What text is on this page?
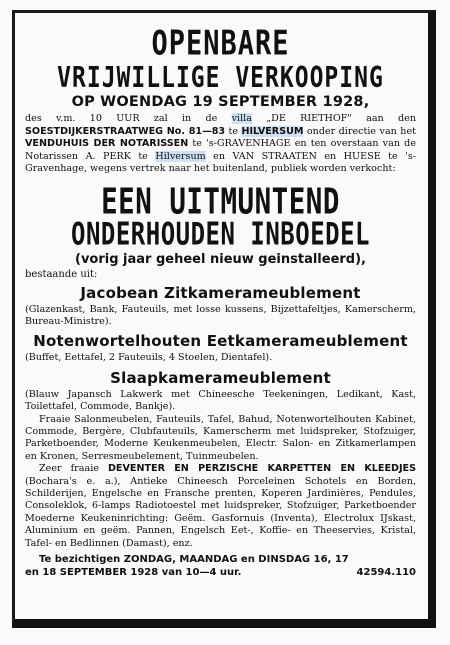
OPENBARE
VRIJWILLIGE VERKOOPING
OP WOENDAG 19 SEPTEMBER 1928,

des v.m. 10 UUR zal in de villa „DE RIETHOF" aan den SOESTDIJKERSTRAATWEG No. 81—83 te HILVERSUM onder directie van het VENDUHUIS DER NOTARISSEN te 's-GRAVENHAGE en ten overstaan van de Notarissen A. PERK te Hilversum en VAN STRAATEN en HUESE te 's-Gravenhage, wegens vertrek naar het buitenland, publiek worden verkocht:

EEN UITMUNTEND
ONDERHOUDEN INBOEDEL
(vorig jaar geheel nieuw geinstalleerd),

bestaande uit:

Jacobean Zitkamerameublement

(Glazenkast, Bank, Fauteuils, met losse kussens, Bijzettafeltjes, Kamerscherm, Bureau-Ministre).

Notenwortelhouten Eetkamerameublement

(Buffet, Eettafel, 2 Fauteuils, 4 Stoelen, Dientafel).

Slaapkamerameublement

(Blauw Japansch Lakwerk met Chineesche Teekeningen, Ledikant, Kast, Toilettafel, Commode, Bankje).

Fraaie Salonmeubelen, Fauteuils, Tafel, Bahud, Notenwortelhouten Kabinet, Commode, Bergère, Clubfauteuils, Kamerscherm met luidspreker, Stofzuiger, Parketboender, Moderne Keukenmeubelen, Electr. Salon- en Zitkamerlampen en Kronen, Serresmeubelement, Tuinmeubelen.

Zeer fraaie DEVENTER EN PERZISCHE KARPETTEN EN KLEEDJES (Bochara's e. a.), Antieke Chineesch Porceleinen Schotels en Borden, Schilderijen, Engelsche en Fransche prenten, Koperen Jardinières, Pendules, Consoleklok, 6-lamps Radiotoestel met luidspreker, Stofzuiger, Parketboender Moederne Keukeninrichting: Geëm. Gasfornuis (Inventa), Electrolux IJskast, Aluminium en geëm. Pannen, Engelsch Eet-, Koffie- en Theeservies, Kristal, Tafel- en Bedlinnen (Damast), enz.

Te bezichtigen ZONDAG, MAANDAG en DINSDAG 16, 17
en 18 SEPTEMBER 1928 van 10—4 uur.	42594.110
